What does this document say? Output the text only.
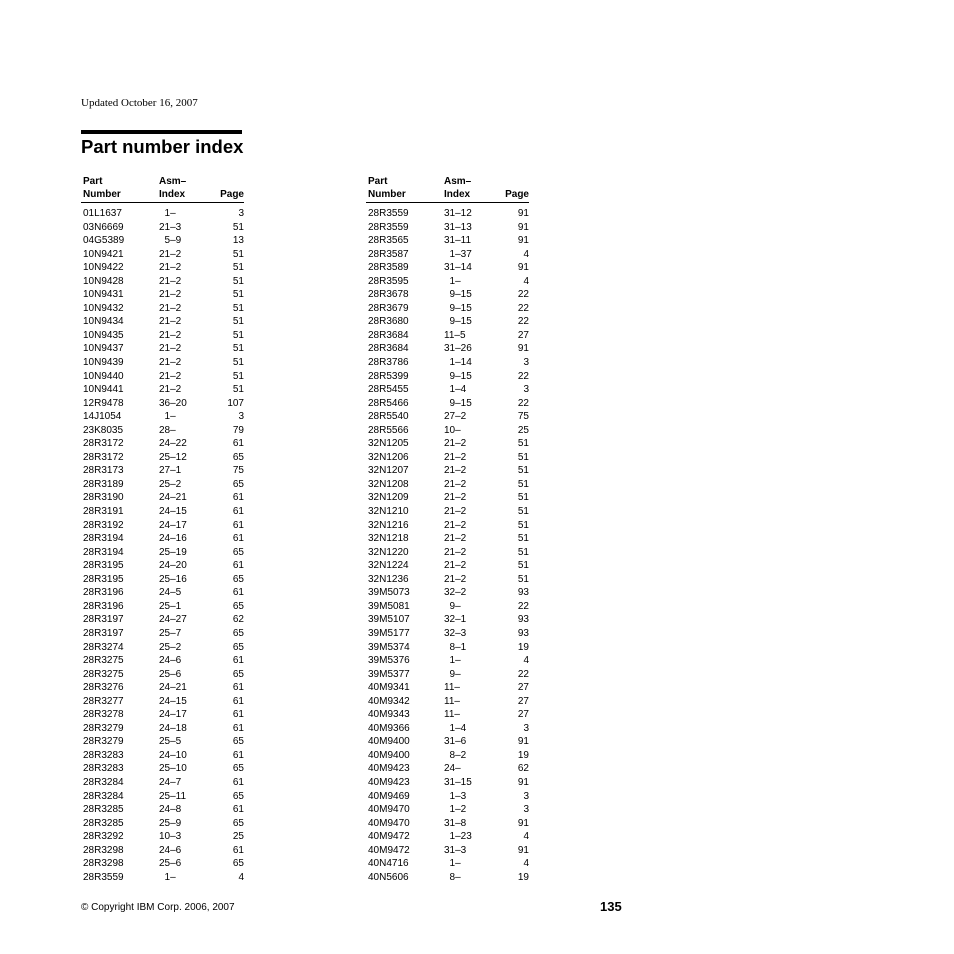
Updated October 16, 2007
Part number index
Part
Number
Asm–
Index	Page
01L1637	1–	3
03N6669	21–3	51
04G5389	5–9	13
10N9421	21–2	51
10N9422	21–2	51
10N9428	21–2	51
10N9431	21–2	51
10N9432	21–2	51
10N9434	21–2	51
10N9435	21–2	51
10N9437	21–2	51
10N9439	21–2	51
10N9440	21–2	51
10N9441	21–2	51
12R9478	36–20	107
14J1054	1–	3
23K8035	28–	79
28R3172	24–22	61
28R3172	25–12	65
28R3173	27–1	75
28R3189	25–2	65
28R3190	24–21	61
28R3191	24–15	61
28R3192	24–17	61
28R3194	24–16	61
28R3194	25–19	65
28R3195	24–20	61
28R3195	25–16	65
28R3196	24–5	61
28R3196	25–1	65
28R3197	24–27	62
28R3197	25–7	65
28R3274	25–2	65
28R3275	24–6	61
28R3275	25–6	65
28R3276	24–21	61
28R3277	24–15	61
28R3278	24–17	61
28R3279	24–18	61
28R3279	25–5	65
28R3283	24–10	61
28R3283	25–10	65
28R3284	24–7	61
28R3284	25–11	65
28R3285	24–8	61
28R3285	25–9	65
28R3292	10–3	25
28R3298	24–6	61
28R3298	25–6	65
28R3559	1–	4
Part
Number
Asm–
Index	Page
28R3559	31–12	91
28R3559	31–13	91
28R3565	31–11	91
28R3587	1–37	4
28R3589	31–14	91
28R3595	1–	4
28R3678	9–15	22
28R3679	9–15	22
28R3680	9–15	22
28R3684	11–5	27
28R3684	31–26	91
28R3786	1–14	3
28R5399	9–15	22
28R5455	1–4	3
28R5466	9–15	22
28R5540	27–2	75
28R5566	10–	25
32N1205	21–2	51
32N1206	21–2	51
32N1207	21–2	51
32N1208	21–2	51
32N1209	21–2	51
32N1210	21–2	51
32N1216	21–2	51
32N1218	21–2	51
32N1220	21–2	51
32N1224	21–2	51
32N1236	21–2	51
39M5073	32–2	93
39M5081	9–	22
39M5107	32–1	93
39M5177	32–3	93
39M5374	8–1	19
39M5376	1–	4
39M5377	9–	22
40M9341	11–	27
40M9342	11–	27
40M9343	11–	27
40M9366	1–4	3
40M9400	31–6	91
40M9400	8–2	19
40M9423	24–	62
40M9423	31–15	91
40M9469	1–3	3
40M9470	1–2	3
40M9470	31–8	91
40M9472	1–23	4
40M9472	31–3	91
40N4716	1–	4
40N5606	8–	19
© Copyright IBM Corp. 2006, 2007	135
